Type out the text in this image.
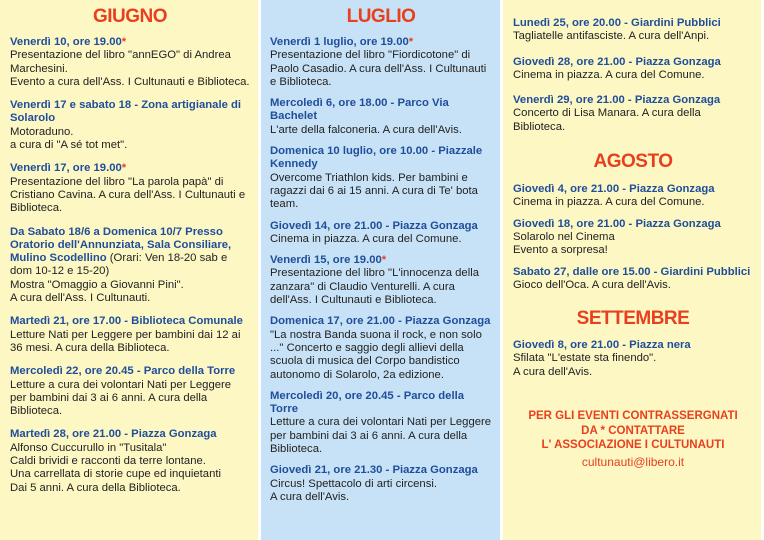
GIUGNO
Venerdì 10, ore 19.00*
Presentazione del libro "annEGO" di Andrea Marchesini.
Evento a cura dell'Ass. I Cultunauti e Biblioteca.
Venerdì 17 e sabato 18 - Zona artigianale di Solarolo
Motoraduno.
a cura di "A sé tot met".
Venerdì 17, ore 19.00*
Presentazione del libro "La parola papà" di Cristiano Cavina. A cura dell'Ass. I Cultunauti e Biblioteca.
Da Sabato 18/6 a Domenica 10/7 Presso Oratorio dell'Annunziata, Sala Consiliare, Mulino Scodellino (Orari: Ven 18-20 sab e dom 10-12 e 15-20)
Mostra "Omaggio a Giovanni Pini".
A cura dell'Ass. I Cultunauti.
Martedì 21, ore 17.00 - Biblioteca Comunale
Letture Nati per Leggere per bambini dai 12 ai 36 mesi. A cura della Biblioteca.
Mercoledì 22, ore 20.45 - Parco della Torre
Letture a cura dei volontari Nati per Leggere per bambini dai 3 ai 6 anni. A cura della Biblioteca.
Martedì 28, ore 21.00 - Piazza Gonzaga
Alfonso Cuccurullo in "Tusitala"
Caldi brividi e racconti da terre lontane.
Una carrellata di storie cupe ed inquietanti
Dai 5 anni. A cura della Biblioteca.
LUGLIO
Venerdì 1 luglio, ore 19.00*
Presentazione del libro "Fiordicotone" di Paolo Casadio. A cura dell'Ass. I Cultunauti e Biblioteca.
Mercoledì 6, ore 18.00 - Parco Via Bachelet
L'arte della falconeria. A cura dell'Avis.
Domenica 10 luglio, ore 10.00 - Piazzale Kennedy
Overcome Triathlon kids. Per bambini e ragazzi dai 6 ai 15 anni. A cura di Te' bota team.
Giovedì 14, ore 21.00 - Piazza Gonzaga
Cinema in piazza. A cura del Comune.
Venerdì 15, ore 19.00*
Presentazione del libro "L'innocenza della zanzara" di Claudio Venturelli. A cura dell'Ass. I Cultunauti e Biblioteca.
Domenica 17, ore 21.00 - Piazza Gonzaga
"La nostra Banda suona il rock, e non solo ..." Concerto e saggio degli allievi della scuola di musica del Corpo bandistico autonomo di Solarolo, 2a edizione.
Mercoledì 20, ore 20.45 - Parco della Torre
Letture a cura dei volontari Nati per Leggere per bambini dai 3 ai 6 anni. A cura della Biblioteca.
Giovedì 21, ore 21.30 - Piazza Gonzaga
Circus! Spettacolo di arti circensi.
A cura dell'Avis.
Lunedì 25, ore 20.00 - Giardini Pubblici
Tagliatelle antifasciste. A cura dell'Anpi.
Giovedì 28, ore 21.00 - Piazza Gonzaga
Cinema in piazza. A cura del Comune.
Venerdì 29, ore 21.00 - Piazza Gonzaga
Concerto di Lisa Manara. A cura della Biblioteca.
AGOSTO
Giovedì 4, ore 21.00 - Piazza Gonzaga
Cinema in piazza. A cura del Comune.
Giovedì 18, ore 21.00 - Piazza Gonzaga
Solarolo nel Cinema
Evento a sorpresa!
Sabato 27, dalle ore 15.00 - Giardini Pubblici
Gioco dell'Oca. A cura dell'Avis.
SETTEMBRE
Giovedì 8, ore 21.00 - Piazza nera
Sfilata "L'estate sta finendo".
A cura dell'Avis.
PER GLI EVENTI CONTRASSERGNATI
DA * CONTATTARE
L' ASSOCIAZIONE I CULTUNAUTI
cultunauti@libero.it
